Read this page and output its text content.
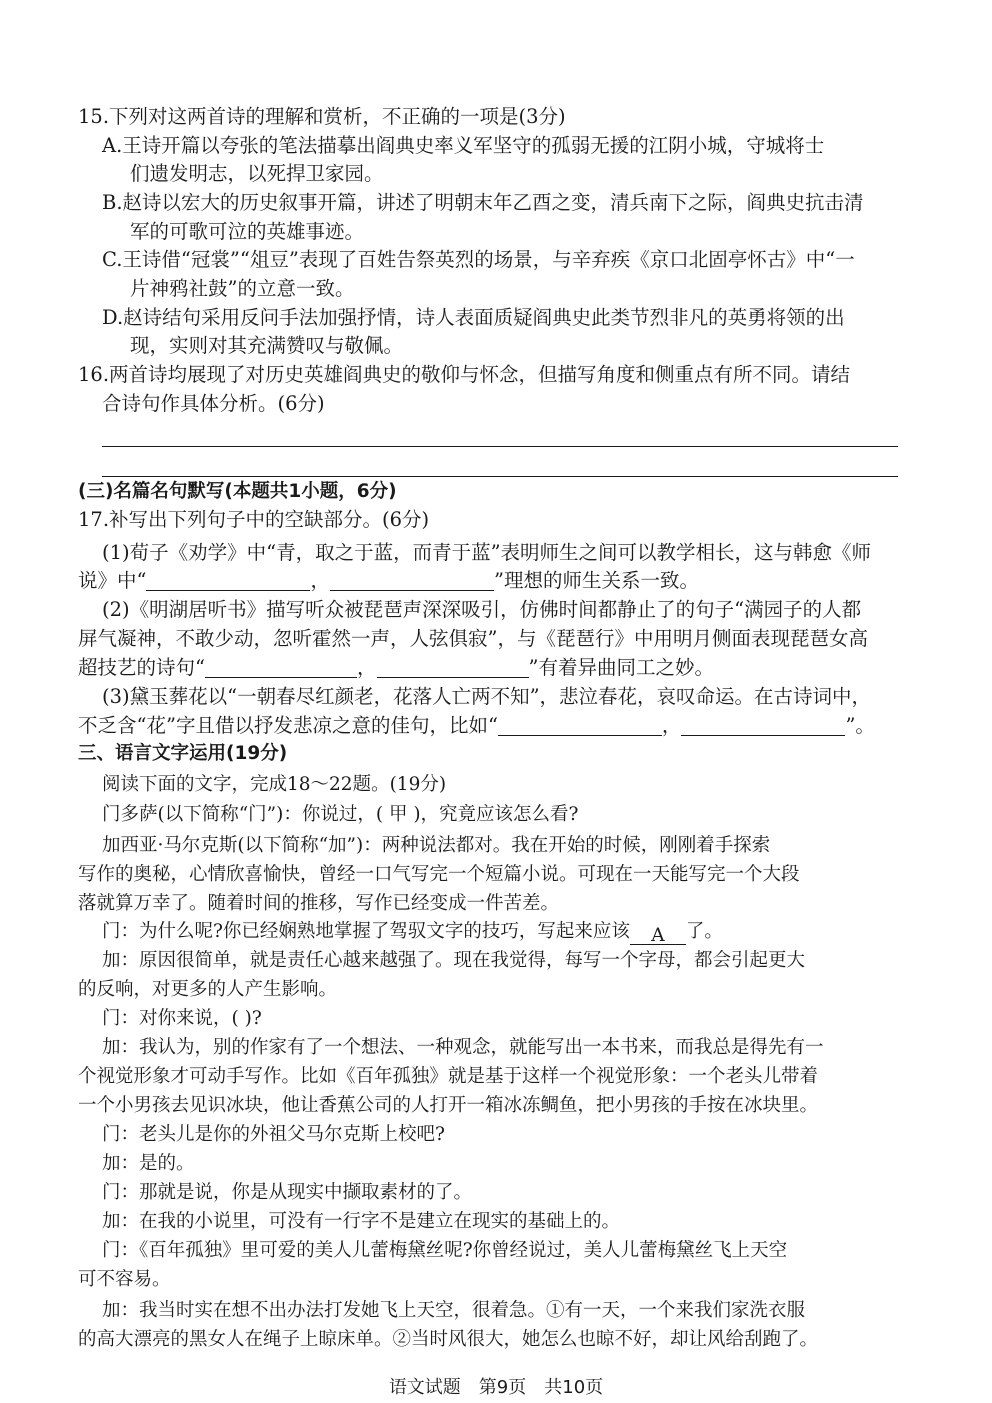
15.下列对这两首诗的理解和赏析，不正确的一项是(3分)
A.王诗开篇以夸张的笔法描摹出阎典史率义军坚守的孤弱无援的江阴小城，守城将士
们遗发明志，以死捍卫家园。
B.赵诗以宏大的历史叙事开篇，讲述了明朝末年乙酉之变，清兵南下之际，阎典史抗击清
军的可歌可泣的英雄事迹。
C.王诗借“冠裳”“俎豆”表现了百姓告祭英烈的场景，与辛弃疾《京口北固亭怀古》中“一
片神鸦社鼓”的立意一致。
D.赵诗结句采用反问手法加强抒情，诗人表面质疑阎典史此类节烈非凡的英勇将领的出
现，实则对其充满赞叹与敬佩。
16.两首诗均展现了对历史英雄阎典史的敬仰与怀念，但描写角度和侧重点有所不同。请结
合诗句作具体分析。(6分)
(三)名篇名句默写(本题共1小题，6分)
17.补写出下列句子中的空缺部分。(6分)
(1)荀子《劝学》中“青，取之于蓝，而青于蓝”表明师生之间可以教学相长，这与韩愈《师
说》中“	，	”理想的师生关系一致。
(2)《明湖居听书》描写听众被琵琶声深深吸引，仿佛时间都静止了的句子“满园子的人都
屏气凝神，不敢少动，忽听霍然一声，人弦俱寂”，与《琵琶行》中用明月侧面表现琵琶女高
超技艺的诗句“	，	”有着异曲同工之妙。
(3)黛玉葬花以“一朝春尽红颜老，花落人亡两不知”，悲泣春花，哀叹命运。在古诗词中，
不乏含“花”字且借以抒发悲凉之意的佳句，比如“	，	”。
三、语言文字运用(19分)
阅读下面的文字，完成18～22题。(19分)
门多萨(以下简称“门”)：你说过，( 甲 )，究竟应该怎么看?
加西亚·马尔克斯(以下简称“加”)：两种说法都对。我在开始的时候，刚刚着手探索
写作的奥秘，心情欣喜愉快，曾经一口气写完一个短篇小说。可现在一天能写完一个大段
落就算万幸了。随着时间的推移，写作已经变成一件苦差。
门：为什么呢?你已经娴熟地掌握了驾驭文字的技巧，写起来应该 A 了。
加：原因很简单，就是责任心越来越强了。现在我觉得，每写一个字母，都会引起更大
的反响，对更多的人产生影响。
门：对你来说，( )?
加：我认为，别的作家有了一个想法、一种观念，就能写出一本书来，而我总是得先有一
个视觉形象才可动手写作。比如《百年孤独》就是基于这样一个视觉形象：一个老头儿带着
一个小男孩去见识冰块，他让香蕉公司的人打开一箱冰冻鲷鱼，把小男孩的手按在冰块里。
门：老头儿是你的外祖父马尔克斯上校吧?
加：是的。
门：那就是说，你是从现实中撷取素材的了。
加：在我的小说里，可没有一行字不是建立在现实的基础上的。
门：《百年孤独》里可爱的美人儿蕾梅黛丝呢?你曾经说过，美人儿蕾梅黛丝飞上天空
可不容易。
加：我当时实在想不出办法打发她飞上天空，很着急。①有一天，一个来我们家洗衣服
的高大漂亮的黑女人在绳子上晾床单。②当时风很大，她怎么也晾不好，却让风给刮跑了。
语文试题　第9页　共10页
